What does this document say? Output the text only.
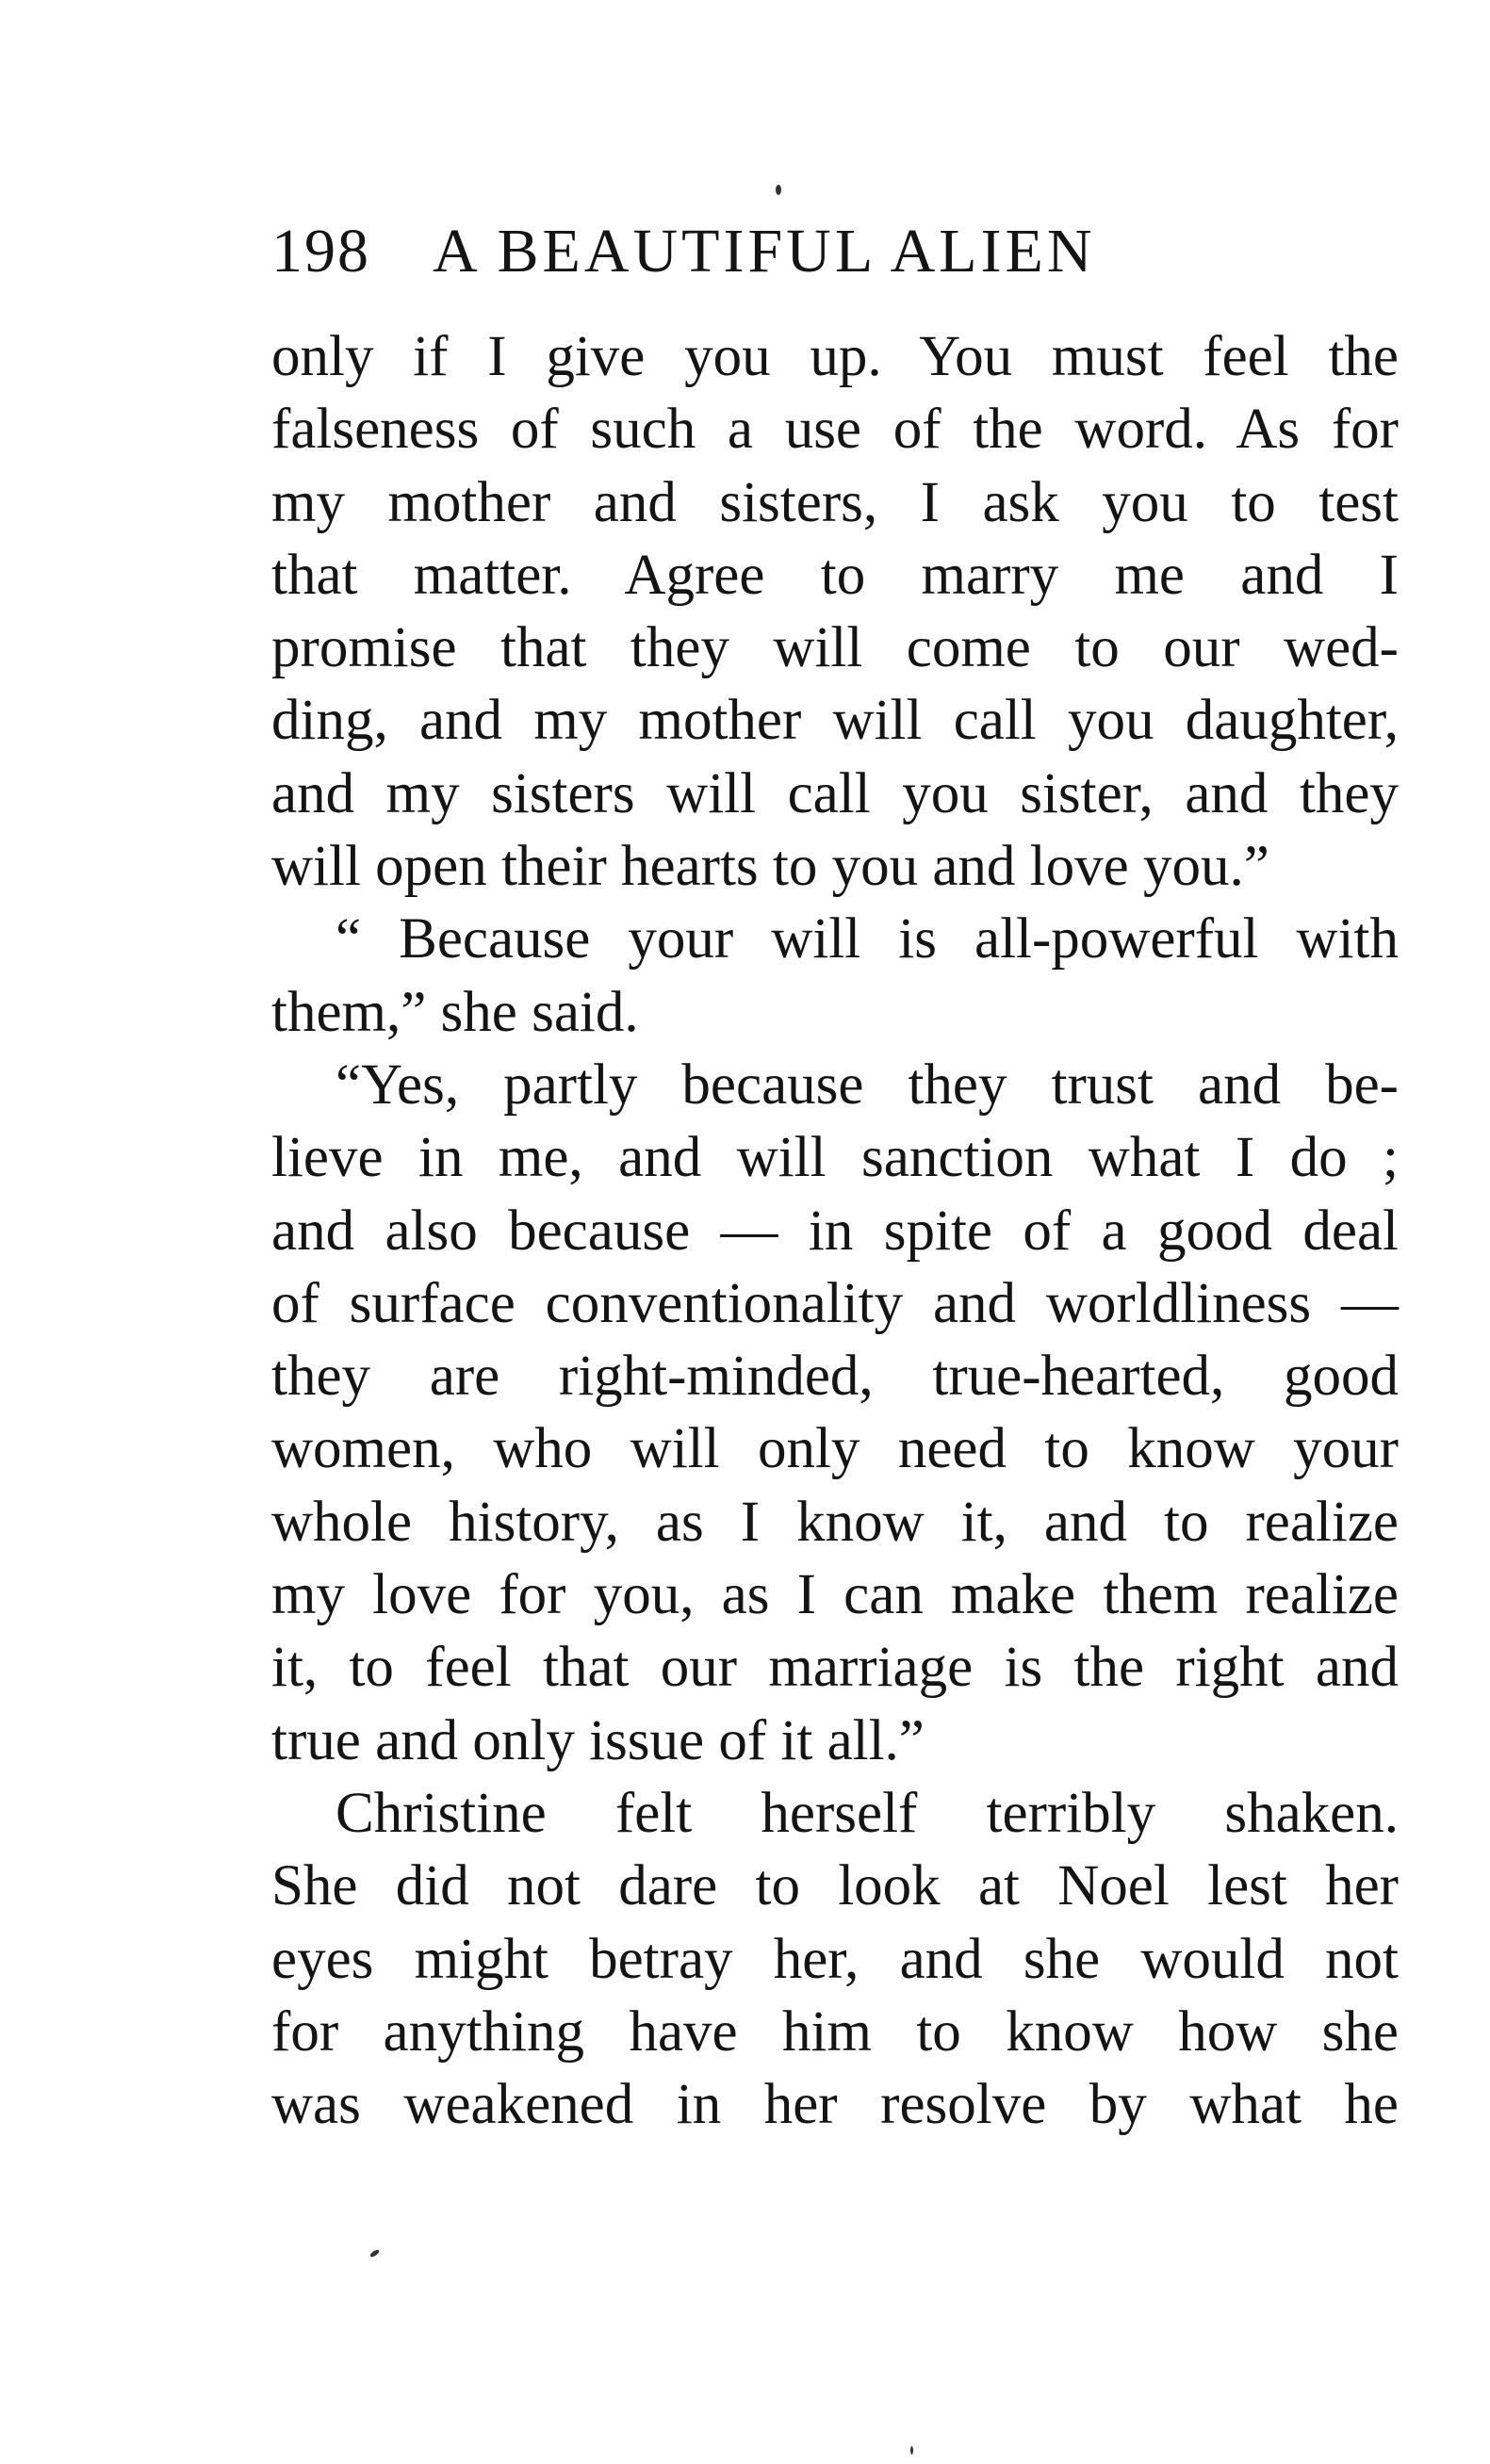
198 A BEAUTIFUL ALIEN
only if I give you up. You must feel the
falseness of such a use of the word. As for
my mother and sisters, I ask you to test
that matter. Agree to marry me and I
promise that they will come to our wed-
ding, and my mother will call you daughter,
and my sisters will call you sister, and they
will open their hearts to you and love you.”
“ Because your will is all-powerful with
them,” she said.
“Yes, partly because they trust and be-
lieve in me, and will sanction what I do ;
and also because — in spite of a good deal
of surface conventionality and worldliness —
they are right-minded, true-hearted, good
women, who will only need to know your
whole history, as I know it, and to realize
my love for you, as I can make them realize
it, to feel that our marriage is the right and
true and only issue of it all.”
Christine felt herself terribly shaken.
She did not dare to look at Noel lest her
eyes might betray her, and she would not
for anything have him to know how she
was weakened in her resolve by what he
